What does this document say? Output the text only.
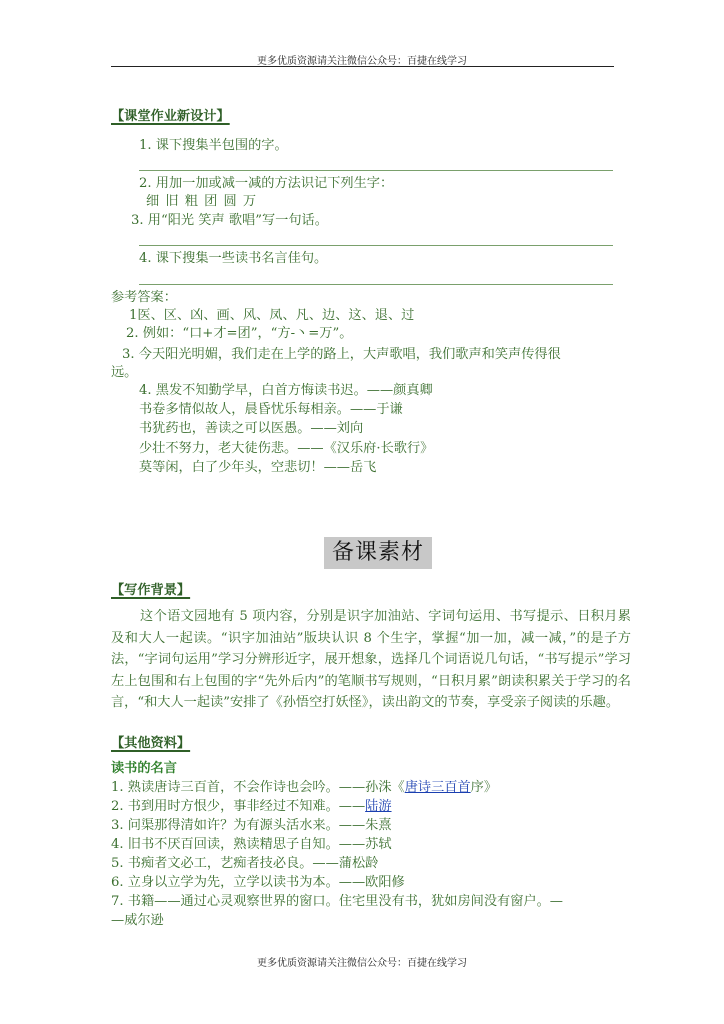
更多优质资源请关注微信公众号：百捷在线学习
【课堂作业新设计】
1. 课下搜集半包围的字。
2. 用加一加或减一减的方法识记下列生字：
细 旧 粗 团 圆 万
3. 用“阳光 笑声 歌唱”写一句话。
4. 课下搜集一些读书名言佳句。
参考答案：
1医、区、凶、画、风、凤、凡、边、这、退、过
2. 例如：“口+才=团”，“方-丶=万”。
3. 今天阳光明媚，我们走在上学的路上，大声歌唱，我们歌声和笑声传得很
远。
4. 黑发不知勤学早，白首方悔读书迟。——颜真卿
书卷多情似故人，晨昏忧乐每相亲。——于谦
书犹药也，善读之可以医愚。——刘向
少壮不努力，老大徒伤悲。——《汉乐府·长歌行》
莫等闲，白了少年头，空悲切！——岳飞
备课素材
【写作背景】
这个语文园地有 5 项内容，分别是识字加油站、字词句运用、书写提示、日积月累及和大人一起读。“识字加油站”版块认识 8 个生字，掌握“加一加，减一减，”的是子方法，“字词句运用”学习分辨形近字，展开想象，选择几个词语说几句话，“书写提示”学习左上包围和右上包围的字“先外后内”的笔顺书写规则，“日积月累”朗读积累关于学习的名言，“和大人一起读”安排了《孙悟空打妖怪》，读出韵文的节奏，享受亲子阅读的乐趣。
【其他资料】
读书的名言
1. 熟读唐诗三百首，不会作诗也会吟。——孙洙《唐诗三百首序》
2. 书到用时方恨少，事非经过不知难。——陆游
3. 问渠那得清如许？为有源头活水来。——朱熹
4. 旧书不厌百回读，熟读精思子自知。——苏轼
5. 书痴者文必工，艺痴者技必良。——蒲松龄
6. 立身以立学为先，立学以读书为本。——欧阳修
7. 书籍——通过心灵观察世界的窗口。住宅里没有书，犹如房间没有窗户。—
—威尔逊
更多优质资源请关注微信公众号：百捷在线学习
